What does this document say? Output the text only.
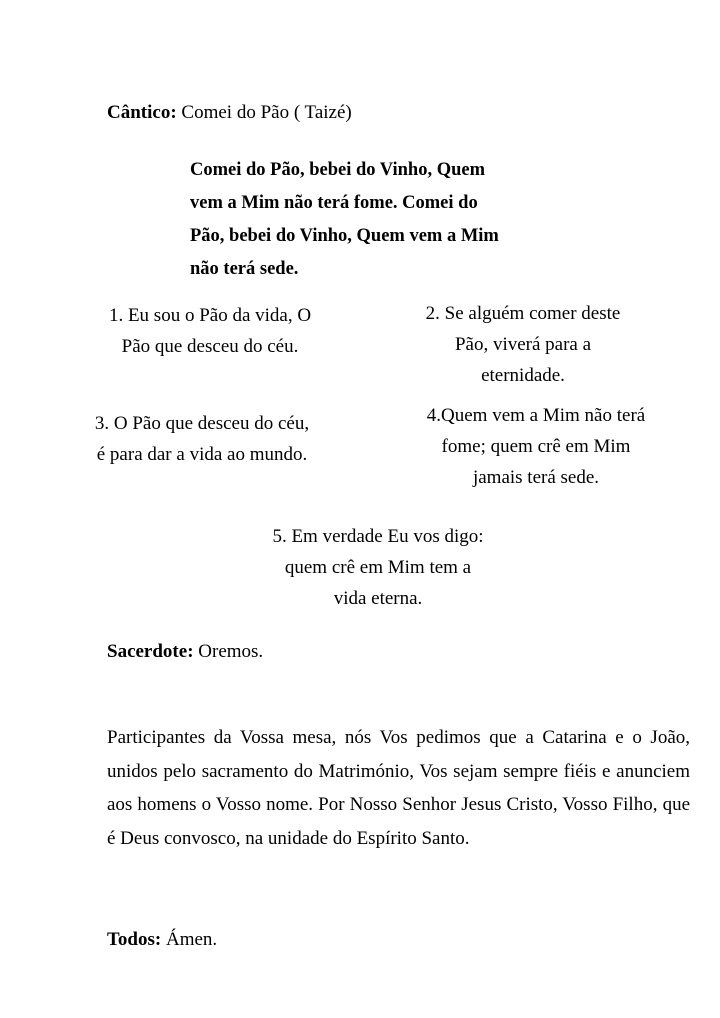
Cântico: Comei do Pão ( Taizé)
Comei do Pão, bebei do Vinho, Quem
vem a Mim não terá fome. Comei do
Pão, bebei do Vinho, Quem vem a Mim
não terá sede.
1. Eu sou o Pão da vida, O
Pão que desceu do céu.
2. Se alguém comer deste
Pão, viverá para a
eternidade.
3. O Pão que desceu do céu,
é para dar a vida ao mundo.
4.Quem vem a Mim não terá
fome; quem crê em Mim
jamais terá sede.
5. Em verdade Eu vos digo:
quem crê em Mim tem a
vida eterna.
Sacerdote: Oremos.

Participantes da Vossa mesa, nós Vos pedimos que a Catarina e o João, unidos pelo sacramento do Matrimónio, Vos sejam sempre fiéis e anunciem aos homens o Vosso nome. Por Nosso Senhor Jesus Cristo, Vosso Filho, que é Deus convosco, na unidade do Espírito Santo.

Todos: Ámen.
